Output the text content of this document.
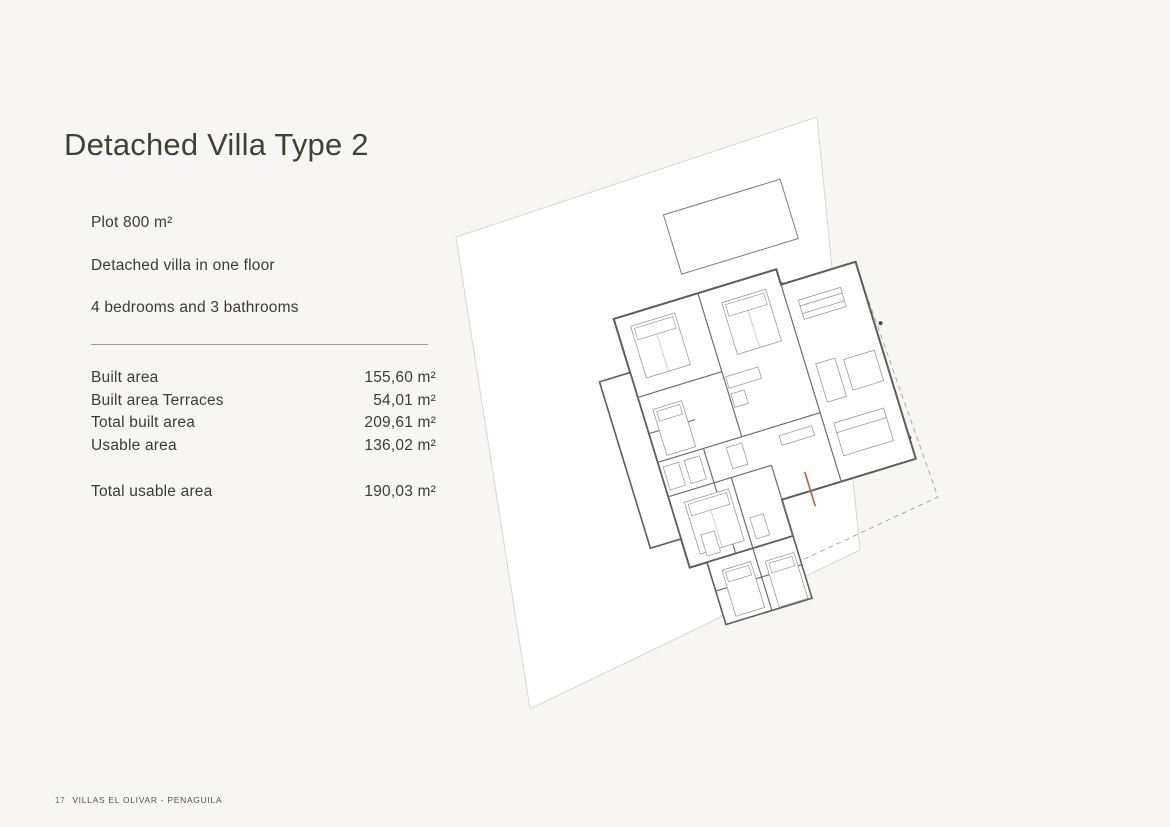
Detached Villa Type 2
Plot 800 m²
Detached villa in one floor
4 bedrooms and 3 bathrooms
Built area	155,60 m²
Built area Terraces	54,01 m²
Total built area	209,61 m²
Usable area	136,02 m²
Total usable area	190,03 m²
17 VILLAS EL OLIVAR - PENAGUILA
